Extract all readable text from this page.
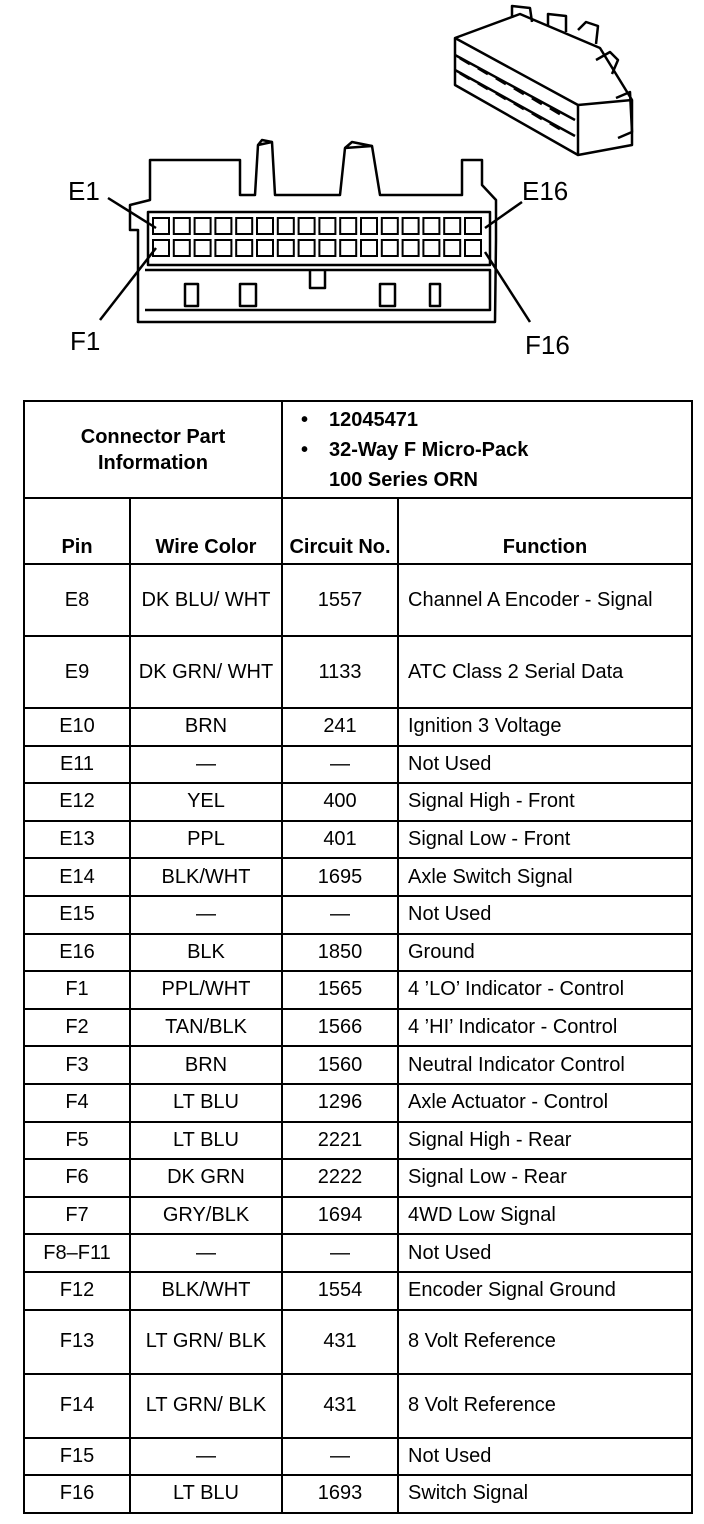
E1	E16
F1	F16
Connector Part Information	
•	12045471
•	32-Way F Micro-Pack
100 Series ORN
Pin	Wire Color	Circuit No.	Function
E8	DK BLU/ WHT	1557	Channel A Encoder - Signal
E9	DK GRN/ WHT	1133	ATC Class 2 Serial Data
E10	BRN	241	Ignition 3 Voltage
E11	—	—	Not Used
E12	YEL	400	Signal High - Front
E13	PPL	401	Signal Low - Front
E14	BLK/WHT	1695	Axle Switch Signal
E15	—	—	Not Used
E16	BLK	1850	Ground
F1	PPL/WHT	1565	4 ’LO’ Indicator - Control
F2	TAN/BLK	1566	4 ’HI’ Indicator - Control
F3	BRN	1560	Neutral Indicator Control
F4	LT BLU	1296	Axle Actuator - Control
F5	LT BLU	2221	Signal High - Rear
F6	DK GRN	2222	Signal Low - Rear
F7	GRY/BLK	1694	4WD Low Signal
F8–F11	—	—	Not Used
F12	BLK/WHT	1554	Encoder Signal Ground
F13	LT GRN/ BLK	431	8 Volt Reference
F14	LT GRN/ BLK	431	8 Volt Reference
F15	—	—	Not Used
F16	LT BLU	1693	Switch Signal
